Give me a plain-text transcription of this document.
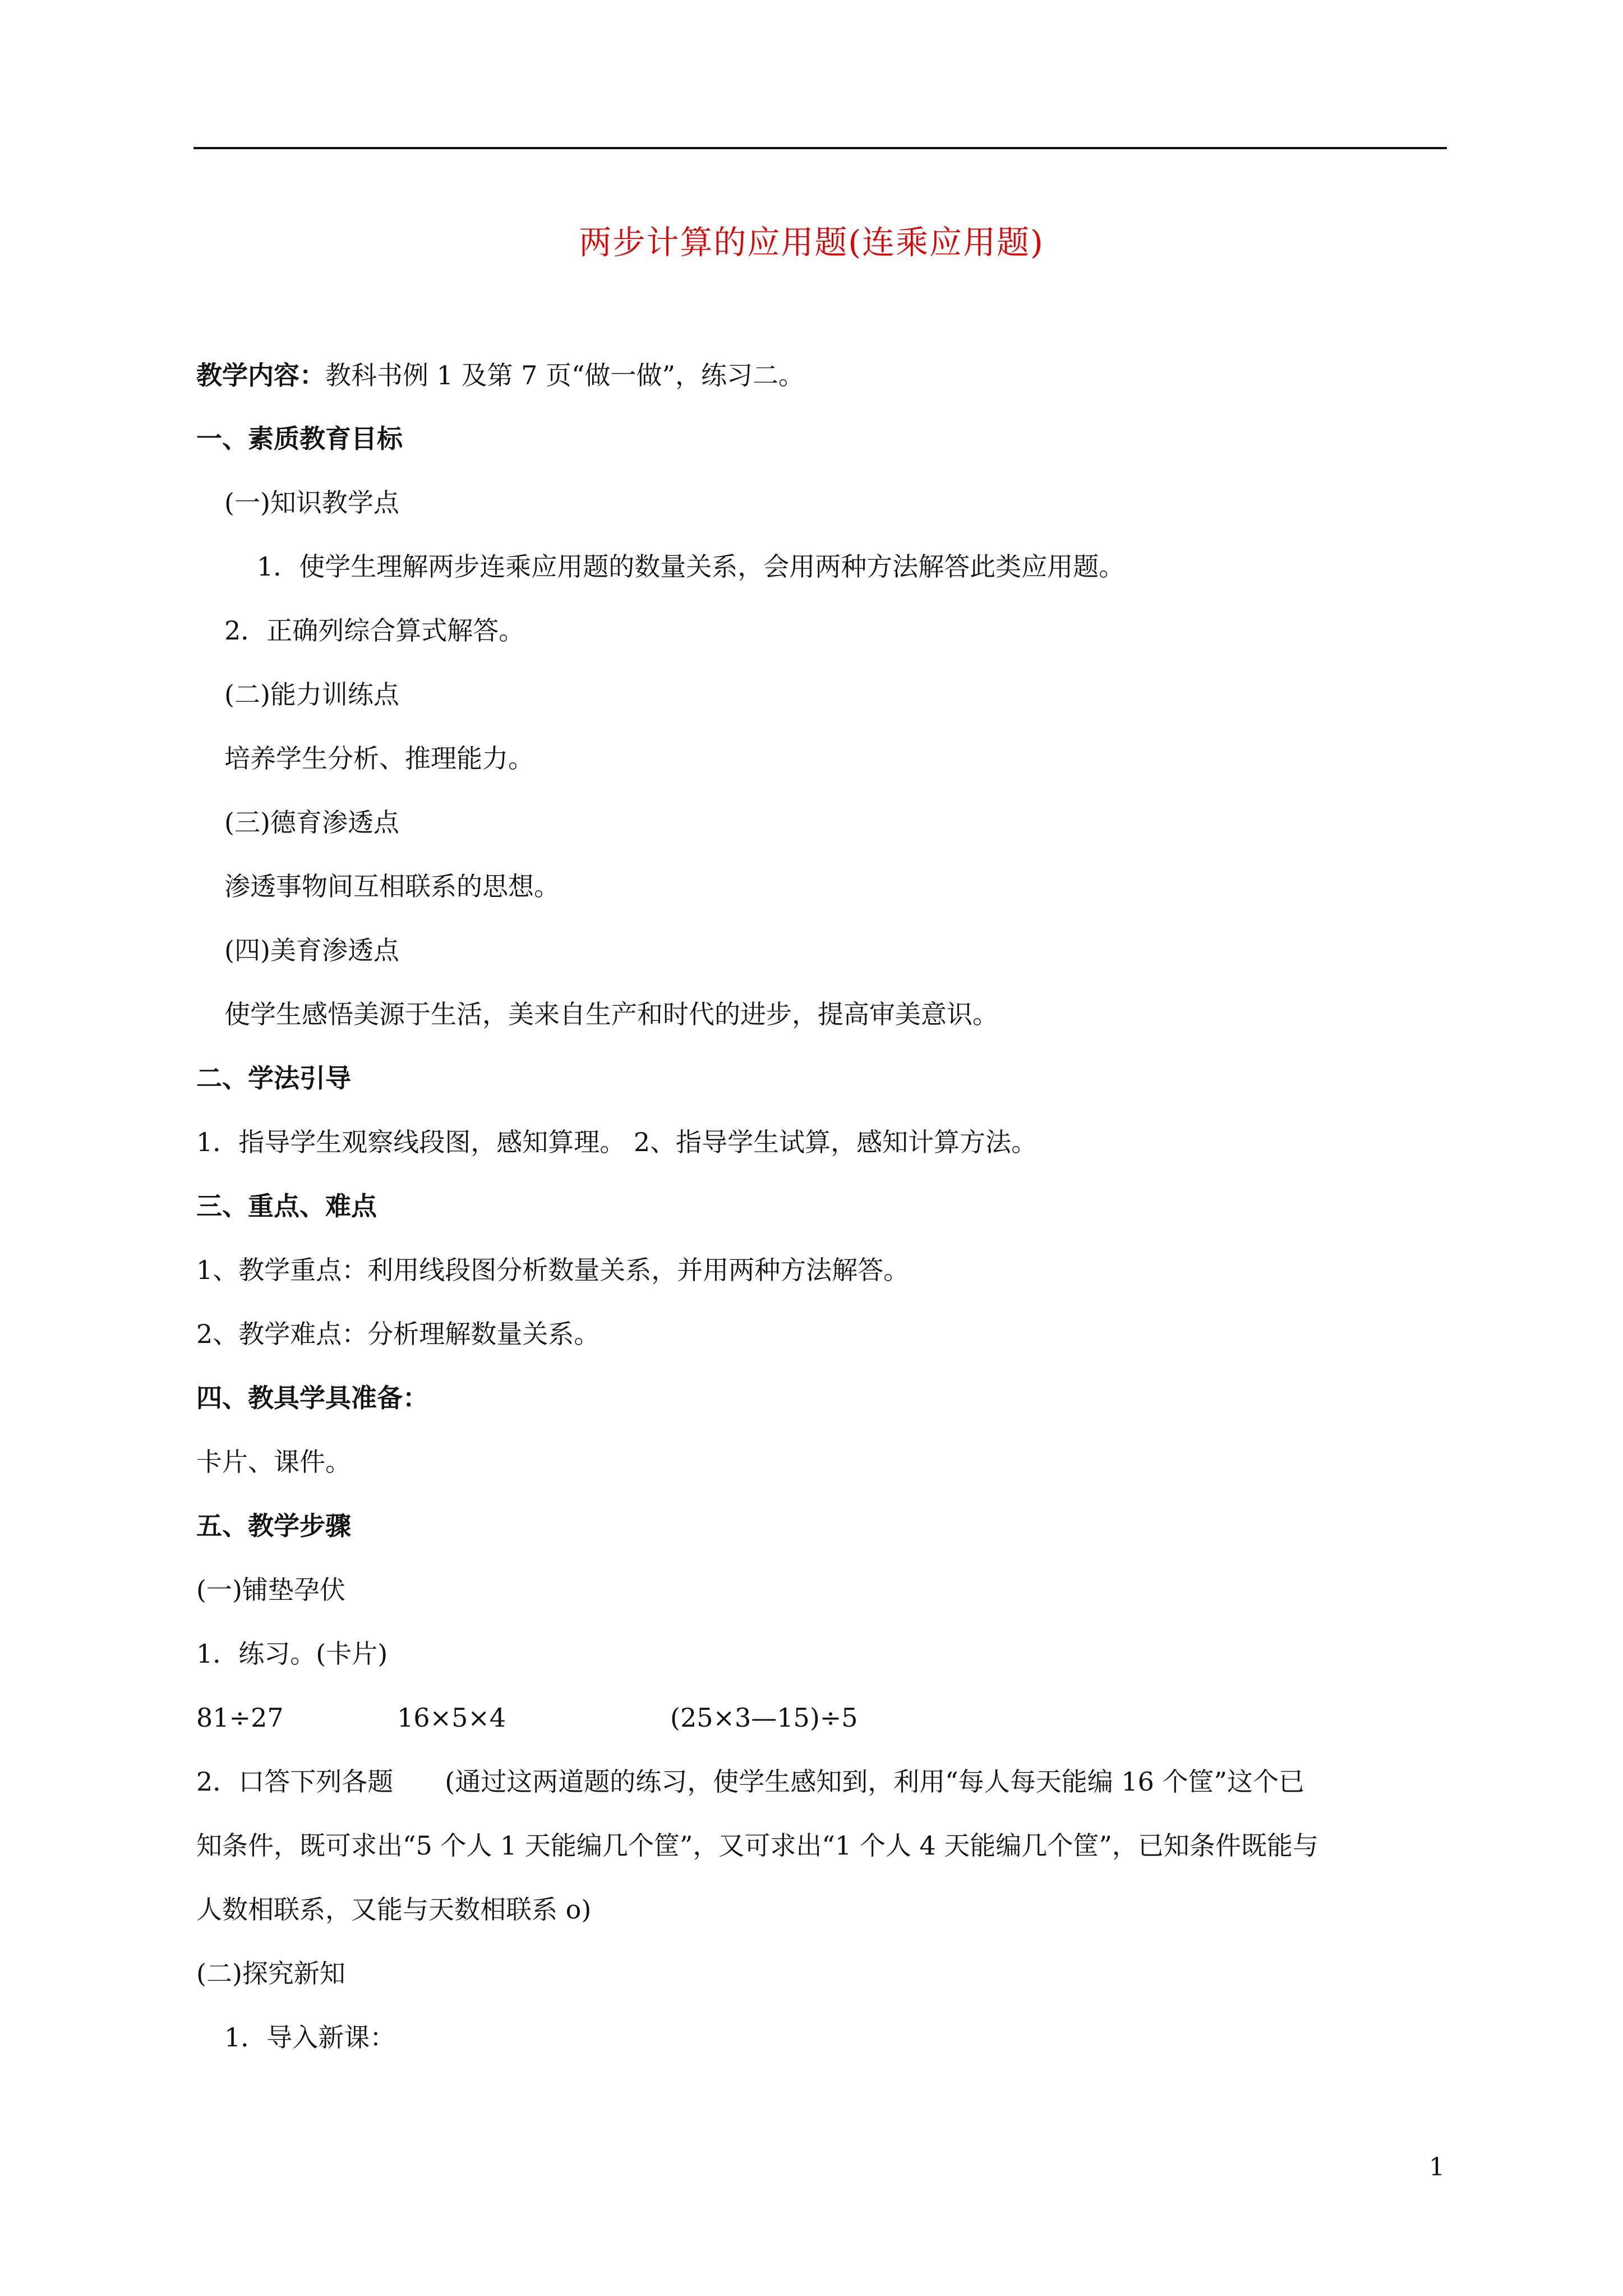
两步计算的应用题(连乘应用题)
教学内容：教科书例 1 及第 7 页“做一做”，练习二。
一、素质教育目标
(一)知识教学点
1．使学生理解两步连乘应用题的数量关系，会用两种方法解答此类应用题。
2．正确列综合算式解答。
(二)能力训练点
培养学生分析、推理能力。
(三)德育渗透点
渗透事物间互相联系的思想。
(四)美育渗透点
使学生感悟美源于生活，美来自生产和时代的进步，提高审美意识。
二、学法引导
1．指导学生观察线段图，感知算理。 2、指导学生试算，感知计算方法。
三、重点、难点
1、教学重点：利用线段图分析数量关系，并用两种方法解答。
2、教学难点：分析理解数量关系。
四、教具学具准备：
卡片、课件。
五、教学步骤
(一)铺垫孕伏
1．练习。(卡片)
81÷27	16×5×4	(25×3—15)÷5
2．口答下列各题　　(通过这两道题的练习，使学生感知到，利用“每人每天能编 16 个筐”这个已
知条件，既可求出“5 个人 1 天能编几个筐”，又可求出“1 个人 4 天能编几个筐”，已知条件既能与
人数相联系，又能与天数相联系 o)
(二)探究新知
1．导入新课：
1
